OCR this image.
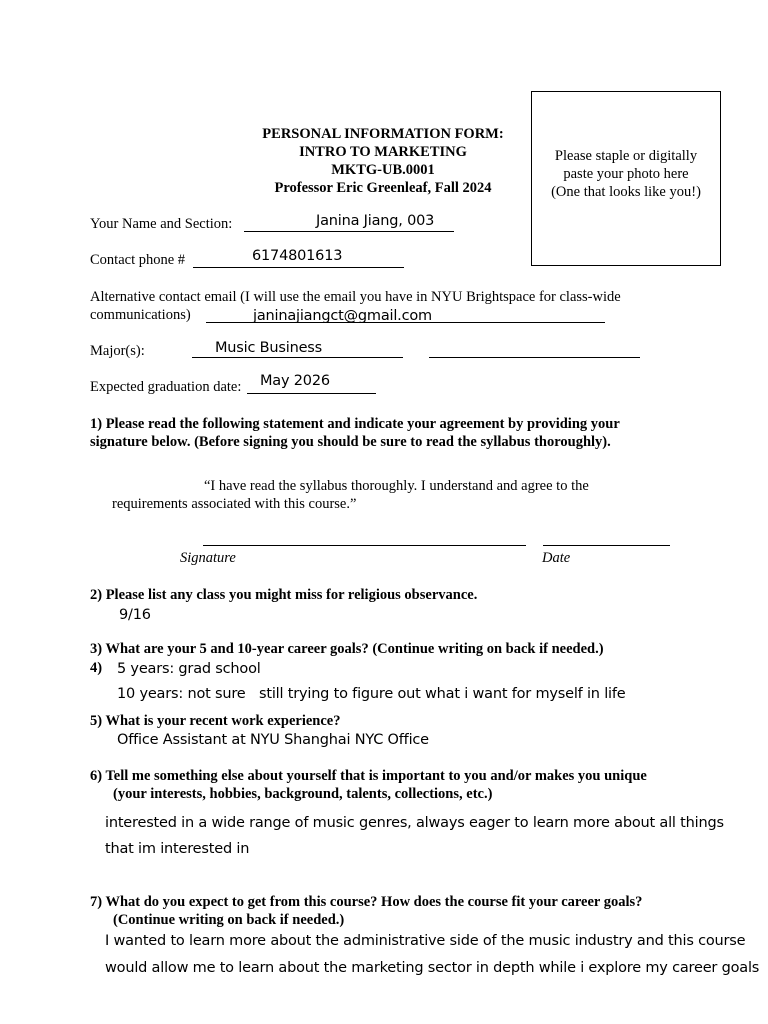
PERSONAL INFORMATION FORM:
INTRO TO MARKETING
MKTG-UB.0001
Professor Eric Greenleaf, Fall 2024
Please staple or digitally
paste your photo here
(One that looks like you!)
Your Name and Section:	Janina Jiang, 003
Contact phone #	6174801613
Alternative contact email (I will use the email you have in NYU Brightspace for class-wide
communications)	janinajiangct@gmail.com
Major(s):	Music Business
Expected graduation date: May 2026
1) Please read the following statement and indicate your agreement by providing your
signature below. (Before signing you should be sure to read the syllabus thoroughly).
“I have read the syllabus thoroughly. I understand and agree to the
requirements associated with this course.”
Signature	Date
2) Please list any class you might miss for religious observance.
9/16
3) What are your 5 and 10-year career goals? (Continue writing on back if needed.)
4) 5 years: grad school
10 years: not sure still trying to figure out what i want for myself in life
5) What is your recent work experience?
Office Assistant at NYU Shanghai NYC Office
6) Tell me something else about yourself that is important to you and/or makes you unique
(your interests, hobbies, background, talents, collections, etc.)
interested in a wide range of music genres, always eager to learn more about all things
that im interested in
7) What do you expect to get from this course? How does the course fit your career goals?
(Continue writing on back if needed.)
I wanted to learn more about the administrative side of the music industry and this course
would allow me to learn about the marketing sector in depth while i explore my career goals
